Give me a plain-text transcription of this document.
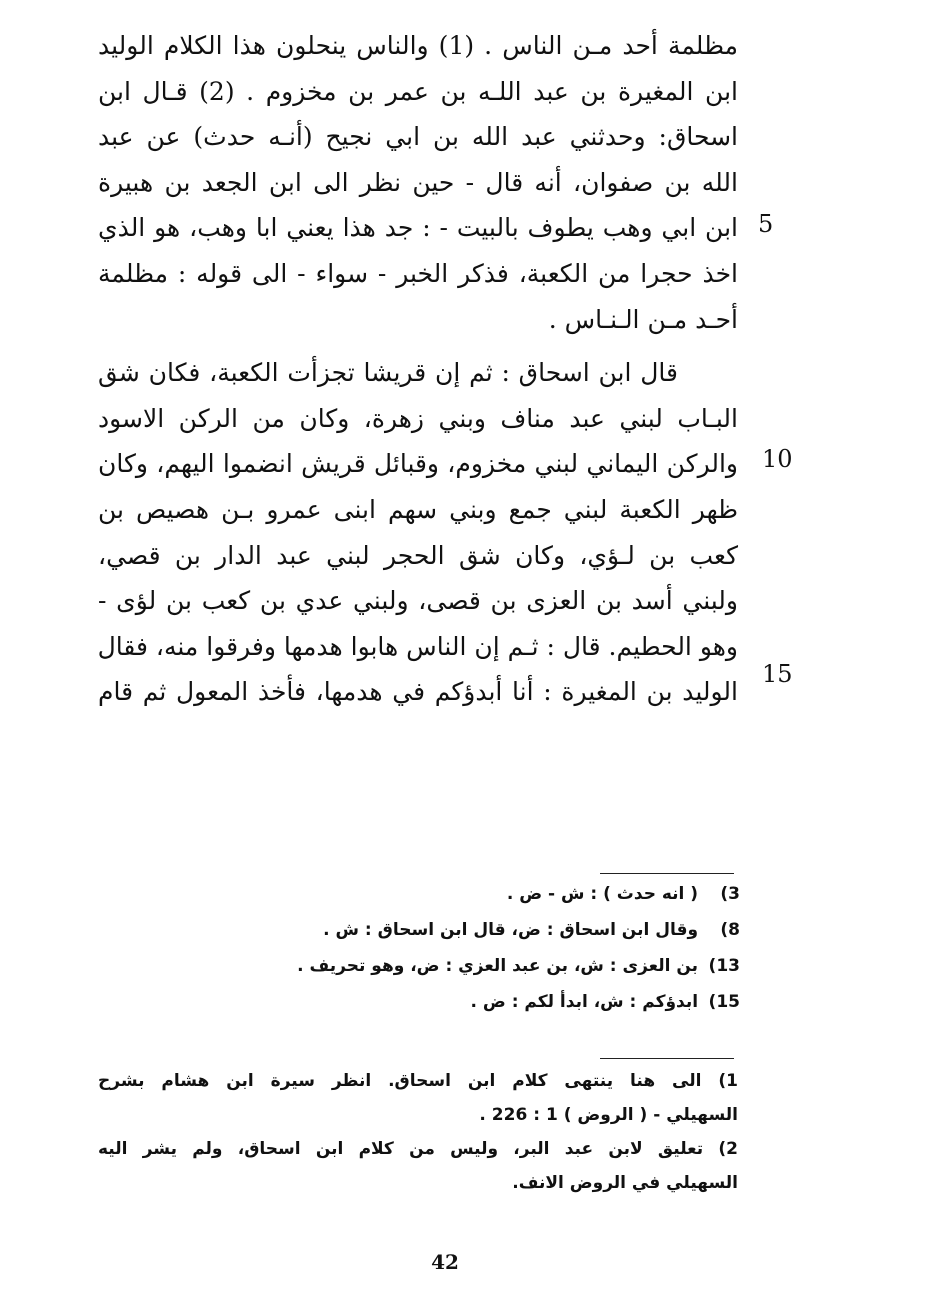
مظلمة أحد مـن الناس . (1) والناس ينحلون هذا الكلام الوليد
ابن المغيرة بن عبد اللـه بن عمر بن مخزوم . (2) قـال ابن
اسحاق: وحدثني عبد الله بن ابي نجيح (أنـه حدث) عن عبد
الله بن صفوان، أنه قال - حين نظر الى ابن الجعد بن هبيرة
ابن ابي وهب يطوف بالبيت - : جد هذا يعني ابا وهب، هو الذي
اخذ حجرا من الكعبة، فذكر الخبر - سواء - الى قوله : مظلمة
أحـد مـن الـنـاس .
قال ابن اسحاق : ثم إن قريشا تجزأت الكعبة، فكان شق
البـاب لبني عبد مناف وبني زهرة، وكان من الركن الاسود
والركن اليماني لبني مخزوم، وقبائل قريش انضموا اليهم، وكان
ظهر الكعبة لبني جمع وبني سهم ابنى عمرو بـن هصيص بن
كعب بن لـؤي، وكان شق الحجر لبني عبد الدار بن قصي،
ولبني أسد بن العزى بن قصى، ولبني عدي بن كعب بن لؤى -
وهو الحطيم. قال : ثـم إن الناس هابوا هدمها وفرقوا منه، فقال
الوليد بن المغيرة : أنا أبدؤكم في هدمها، فأخذ المعول ثم قام
5
10
15
3) ( انه حدث ) : ش - ض .
8) وقال ابن اسحاق : ض، قال ابن اسحاق : ش .
13) بن العزى : ش، بن عبد العزي : ض، وهو تحريف .
15) ابدؤكم : ش، ابدأ لكم : ض .
1) الى هنا ينتهى كلام ابن اسحاق. انظر سيرة ابن هشام بشرح
السهيلي - ( الروض ) 1 : 226 .
2) تعليق لابن عبد البر، وليس من كلام ابن اسحاق، ولم يشر اليه
السهيلي في الروض الانف.
42
